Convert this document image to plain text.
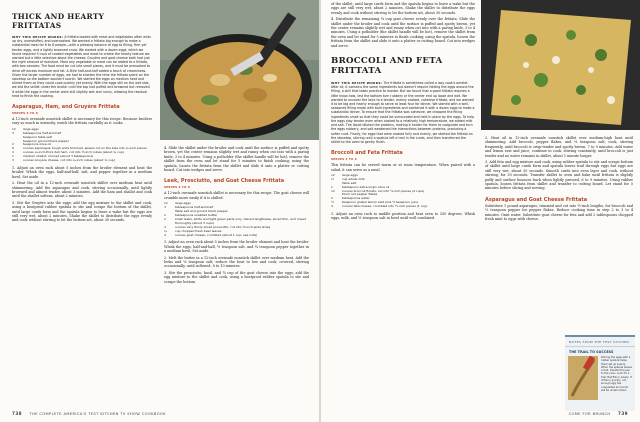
THICK AND HEARTY FRITTATAS

WHY THIS RECIPE WORKS: A frittata loaded with meat and vegetables often ends up dry, overstuffed, and overcooked. We wanted a frittata big enough to make a substantial meal for 6 to 8 people—with a pleasing balance of egg to filling, firm yet tender eggs, and a lightly browned crust. We started with a dozen eggs, which we found required 3 cups of cooked vegetables and meat to create the hearty texture we wanted but a little selective about the cheese; Gruyère and goat cheese both had just the right amount of moisture. Most any vegetable or meat can be added to a frittata, with two caveats: The food must be cut into small pieces, and it must be precooked to drive off excess moisture and fat. A little half-and-half added a touch of creaminess. Given the larger number of eggs, we had to shorten the time the frittata spent on the stovetop so the bottom wouldn't scorch. We started the eggs on medium heat and stirred them so they could cook quickly yet evenly. With the eggs still on the wet side, we slid the skillet under the broiler until the top had puffed and browned but removed it while the eggs in the center were still slightly wet and runny, allowing the residual heat to finish the cooking.

Asparagus, Ham, and Gruyère Frittata
SERVES 6 TO 8

A 12-inch ovensafe nonstick skillet is necessary for this recipe. Because broilers vary so much in intensity, watch the frittata carefully as it cooks.

12	large eggs
3	tablespoons half-and-half
teaspoon table salt
teaspoon ground black pepper
2	teaspoons olive oil
8	ounces asparagus, tough ends trimmed, spears cut on the bias into ¼-inch pieces
4	ounces ¼-inch-thick deli ham, cut into ½-inch cubes (about ¾ cup)
1	medium shallot, minced (about 3 tablespoons)
3	ounces Gruyère cheese, cut into ¼-inch cubes (about ¾ cup)

1. Adjust an oven rack about 5 inches from the broiler element and heat the broiler. Whisk the eggs, half-and-half, salt, and pepper together in a medium bowl. Set aside.

2. Heat the oil in a 12-inch ovensafe nonstick skillet over medium heat until shimmering. Add the asparagus and cook, stirring occasionally, until lightly browned and almost tender, about 3 minutes. Add the ham and shallot and cook until the shallot softens, about 2 minutes.

3. Stir the Gruyère into the eggs; add the egg mixture to the skillet and cook, using a heatproof rubber spatula to stir and scrape the bottom of the skillet, until large curds form and the spatula begins to leave a wake but the eggs are still very wet, about 2 minutes. Shake the skillet to distribute the eggs evenly and cook without stirring to let the bottom set, about 30 seconds.

4. Slide the skillet under the broiler and cook until the surface is puffed and spotty brown, yet the center remains slightly wet and runny when cut into with a paring knife, 3 to 4 minutes. Using a potholder (the skillet handle will be hot), remove the skillet from the oven and let stand for 5 minutes to finish cooking; using the spatula, loosen the frittata from the skillet and slide it onto a platter or cutting board. Cut into wedges and serve.

Leek, Prosciutto, and Goat Cheese Frittata
SERVES 6 TO 8

A 12-inch ovensafe nonstick skillet is necessary for this recipe. The goat cheese will crumble more easily if it is chilled.

12	large eggs
3	tablespoons half-and-half
Table salt and ground black pepper
2	tablespoons unsalted butter
2	small leeks, white and light green parts only, halved lengthwise, sliced thin, and rinsed thoroughly (about 3 cups)
3	ounces very thinly sliced prosciutto, cut into ½-inch-wide strips
¼	cup chopped fresh basil leaves
4	ounces goat cheese, crumbled (about 1 cup; see note)

1. Adjust an oven rack about 5 inches from the broiler element and heat the broiler. Whisk the eggs, half-and-half, ½ teaspoon salt, and ¼ teaspoon pepper together in a medium bowl. Set aside.

2. Melt the butter in a 12-inch ovensafe nonstick skillet over medium heat. Add the leeks and ¼ teaspoon salt; reduce the heat to low and cook, covered, stirring occasionally, until softened, 8 to 10 minutes.

3. Stir the prosciutto, basil, and ¾ cup of the goat cheese into the eggs; add the egg mixture to the skillet and cook, using a heatproof rubber spatula to stir and scrape the bottom

738 THE COMPLETE AMERICA'S TEST KITCHEN TV SHOW COOKBOOK

of the skillet, until large curds form and the spatula begins to leave a wake but the eggs are still very wet, about 2 minutes. Shake the skillet to distribute the eggs evenly and cook without stirring to let the bottom set, about 30 seconds.

4. Distribute the remaining ¼ cup goat cheese evenly over the frittata. Slide the skillet under the broiler and cook until the surface is puffed and spotty brown, yet the center remains slightly wet and runny when cut into with a paring knife, 3 to 4 minutes. Using a potholder (the skillet handle will be hot), remove the skillet from the oven and let stand for 5 minutes to finish cooking; using the spatula, loosen the frittata from the skillet and slide it onto a platter or cutting board. Cut into wedges and serve.

BROCCOLI AND FETA FRITTATA

WHY THIS RECIPE WORKS: The frittata is sometimes called a lazy cook's omelet. After all, it contains the same ingredients but doesn't require folding the eggs around the filling, a skill that takes practice to master. But we found that a good frittata requires a little know-how, lest the bottom turn rubbery or the center end up loose and wet. We wanted to uncover the keys to a tender, evenly cooked, cohesive frittata, and we wanted it to be big and hearty enough to serve at least four for dinner. We started with a well-seasoned filling made with bold ingredients and combined it with a dozen eggs to make a substantial dinner. To ensure that the frittata was cohesive, we chopped the filling ingredients small so that they could be surrounded and held in place by the eggs. To help the eggs stay tender even when cooked to a relatively high temperature, we added milk and salt. The liquid diluted the proteins, making it harder for them to coagulate and turn the eggs rubbery, and salt weakened the interactions between proteins, producing a softer curd. Finally, for eggs that were cooked fully and evenly, we started the frittata on the stovetop, stirring until a spatula left a trail in the curds, and then transferred the skillet to the oven to gently finish.

Broccoli and Feta Frittata
SERVES 4 TO 6

This frittata can be served warm or at room temperature. When paired with a salad, it can serve as a meal.

12	large eggs
⅓	cup whole milk
Table salt
1	tablespoon extra-virgin olive oil
12	ounces broccoli florets, cut into ½-inch pieces (4 cups)
Pinch red pepper flakes
3	tablespoons water
½	teaspoon grated lemon zest plus ½ teaspoon juice
4	ounces feta cheese, crumbled into ½-inch pieces (1 cup)

1. Adjust an oven rack to middle position and heat oven to 350 degrees. Whisk eggs, milk, and ½ teaspoon salt in bowl until well combined.

2. Heat oil in 12-inch ovensafe nonstick skillet over medium-high heat until shimmering. Add broccoli, pepper flakes, and ¼ teaspoon salt; cook, stirring frequently, until broccoli is crisp-tender and spotty brown, 7 to 9 minutes. Add water and lemon zest and juice; continue to cook, stirring constantly, until broccoli is just tender and no water remains in skillet, about 1 minute longer.

3. Add feta and egg mixture and cook, using rubber spatula to stir and scrape bottom of skillet until large curds form and spatula leaves trail through eggs but eggs are still very wet, about 30 seconds. Smooth curds into even layer and cook, without stirring, for 30 seconds. Transfer skillet to oven and bake until frittata is slightly puffy and surface bounces back when lightly pressed, 6 to 9 minutes. Using rubber spatula, loosen frittata from skillet and transfer to cutting board. Let stand for 5 minutes before slicing and serving.

Asparagus and Goat Cheese Frittata

Substitute 1 pound asparagus, trimmed and cut into ½-inch lengths, for broccoli and ⅛ teaspoon pepper for pepper flakes. Reduce cooking time in step 2 to 3 to 4 minutes. Omit water. Substitute goat cheese for feta and add 2 tablespoons chopped fresh mint to eggs with cheese.

NOTES FROM THE TEST KITCHEN
THE TRAIL TO SUCCESS
Stirring the eggs with a rubber spatula helps them set up evenly. When the spatula leaves a trail, transfer the pan to the oven. Look for a trail that fills in slowly; if it fills in quickly, not enough egg has coagulated and some will be undercooked.
COME FOR BRUNCH 739
